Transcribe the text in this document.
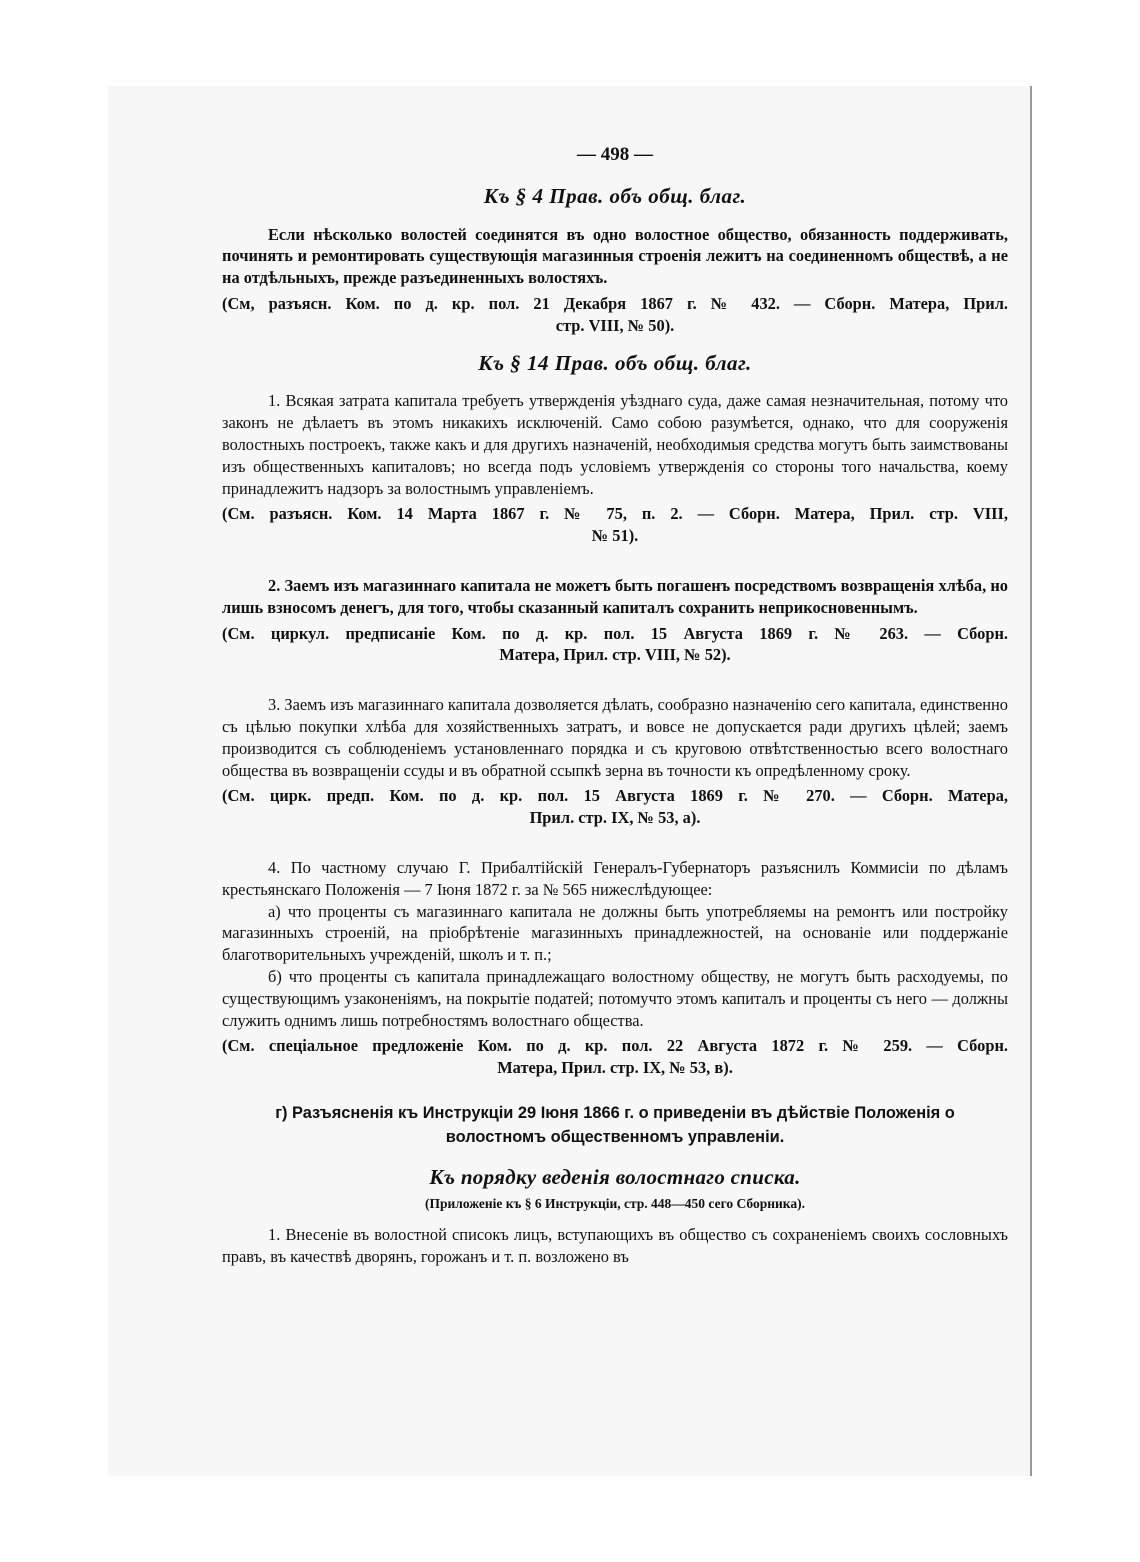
— 498 —
Къ § 4 Прав. объ общ. благ.

Если нѣсколько волостей соединятся въ одно волостное общество, обязанность поддерживать, починять и ремонтировать существующія магазинныя строенія лежитъ на соединенномъ обществѣ, а не на отдѣльныхъ, прежде разъединенныхъ волостяхъ.

(См, разъясн. Ком. по д. кр. пол. 21 Декабря 1867 г. № 432. — Сборн. Матера, Прил.
стр. VIII, № 50).
Къ § 14 Прав. объ общ. благ.

1. Всякая затрата капитала требуетъ утвержденія уѣзднаго суда, даже самая незначительная, потому что законъ не дѣлаетъ въ этомъ никакихъ исключеній. Само собою разумѣется, однако, что для сооруженія волостныхъ построекъ, также какъ и для другихъ назначеній, необходимыя средства могутъ быть заимствованы изъ общественныхъ капиталовъ; но всегда подъ условіемъ утвержденія со стороны того начальства, коему принадлежитъ надзоръ за волостнымъ управленіемъ.

(См. разъясн. Ком. 14 Марта 1867 г. № 75, п. 2. — Сборн. Матера, Прил. стр. VIII,
№ 51).

2. Заемъ изъ магазиннаго капитала не можетъ быть погашенъ посредствомъ возвращенія хлѣба, но лишь взносомъ денегъ, для того, чтобы сказанный капиталъ сохранить неприкосновеннымъ.

(См. циркул. предписаніе Ком. по д. кр. пол. 15 Августа 1869 г. № 263. — Сборн.
Матера, Прил. стр. VIII, № 52).

3. Заемъ изъ магазиннаго капитала дозволяется дѣлать, сообразно назначенію сего капитала, единственно съ цѣлью покупки хлѣба для хозяйственныхъ затратъ, и вовсе не допускается ради другихъ цѣлей; заемъ производится съ соблюденіемъ установленнаго порядка и съ круговою отвѣтственностью всего волостнаго общества въ возвращеніи ссуды и въ обратной ссыпкѣ зерна въ точности къ опредѣленному сроку.

(См. цирк. предп. Ком. по д. кр. пол. 15 Августа 1869 г. № 270. — Сборн. Матера,
Прил. стр. IX, № 53, а).

4. По частному случаю Г. Прибалтійскій Генералъ-Губернаторъ разъяснилъ Коммисіи по дѣламъ крестьянскаго Положенія — 7 Іюня 1872 г. за № 565 нижеслѣдующее:

а) что проценты съ магазиннаго капитала не должны быть употребляемы на ремонтъ или постройку магазинныхъ строеній, на пріобрѣтеніе магазинныхъ принадлежностей, на основаніе или поддержаніе благотворительныхъ учрежденій, школъ и т. п.;

б) что проценты съ капитала принадлежащаго волостному обществу, не могутъ быть расходуемы, по существующимъ узаконеніямъ, на покрытіе податей; потомучто этомъ капиталъ и проценты съ него — должны служить однимъ лишь потребностямъ волостнаго общества.

(См. спеціальное предложеніе Ком. по д. кр. пол. 22 Августа 1872 г. № 259. — Сборн.
Матера, Прил. стр. IX, № 53, в).
г) Разъясненія къ Инструкціи 29 Іюня 1866 г. о приведеніи въ дѣйствіе Положенія о
волостномъ общественномъ управленіи.
Къ порядку веденія волостнаго списка.
(Приложеніе къ § 6 Инструкціи, стр. 448—450 сего Сборника).

1. Внесеніе въ волостной списокъ лицъ, вступающихъ въ общество съ сохраненіемъ своихъ сословныхъ правъ, въ качествѣ дворянъ, горожанъ и т. п. возложено въ
